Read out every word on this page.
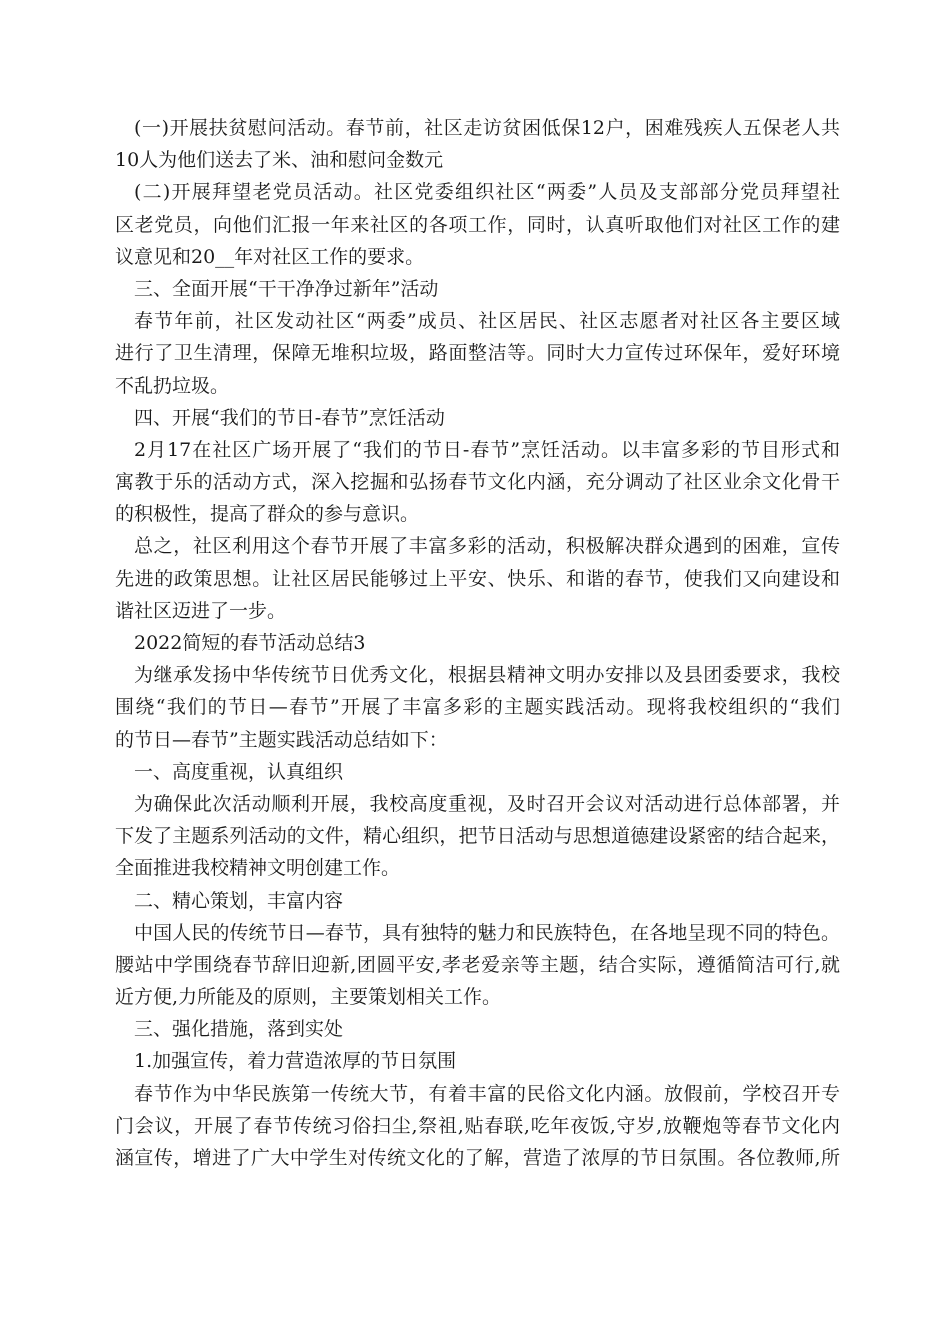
(一)开展扶贫慰问活动。春节前，社区走访贫困低保12户，困难残疾人五保老人共
10人为他们送去了米、油和慰问金数元
(二)开展拜望老党员活动。社区党委组织社区“两委”人员及支部部分党员拜望社
区老党员，向他们汇报一年来社区的各项工作，同时，认真听取他们对社区工作的建
议意见和20__年对社区工作的要求。
三、全面开展“干干净净过新年”活动
春节年前，社区发动社区“两委”成员、社区居民、社区志愿者对社区各主要区域
进行了卫生清理，保障无堆积垃圾，路面整洁等。同时大力宣传过环保年，爱好环境
不乱扔垃圾。
四、开展“我们的节日-春节”烹饪活动
2月17在社区广场开展了“我们的节日-春节”烹饪活动。以丰富多彩的节目形式和
寓教于乐的活动方式，深入挖掘和弘扬春节文化内涵，充分调动了社区业余文化骨干
的积极性，提高了群众的参与意识。
总之，社区利用这个春节开展了丰富多彩的活动，积极解决群众遇到的困难，宣传
先进的政策思想。让社区居民能够过上平安、快乐、和谐的春节，使我们又向建设和
谐社区迈进了一步。
2022简短的春节活动总结3
为继承发扬中华传统节日优秀文化，根据县精神文明办安排以及县团委要求，我校
围绕“我们的节日—春节”开展了丰富多彩的主题实践活动。现将我校组织的“我们
的节日—春节”主题实践活动总结如下：
一、高度重视，认真组织
为确保此次活动顺利开展，我校高度重视，及时召开会议对活动进行总体部署，并
下发了主题系列活动的文件，精心组织，把节日活动与思想道德建设紧密的结合起来，
全面推进我校精神文明创建工作。
二、精心策划，丰富内容
中国人民的传统节日—春节，具有独特的魅力和民族特色，在各地呈现不同的特色。
腰站中学围绕春节辞旧迎新,团圆平安,孝老爱亲等主题，结合实际，遵循简洁可行,就
近方便,力所能及的原则，主要策划相关工作。
三、强化措施，落到实处
1.加强宣传，着力营造浓厚的节日氛围
春节作为中华民族第一传统大节，有着丰富的民俗文化内涵。放假前，学校召开专
门会议，开展了春节传统习俗扫尘,祭祖,贴春联,吃年夜饭,守岁,放鞭炮等春节文化内
涵宣传，增进了广大中学生对传统文化的了解，营造了浓厚的节日氛围。各位教师,所
